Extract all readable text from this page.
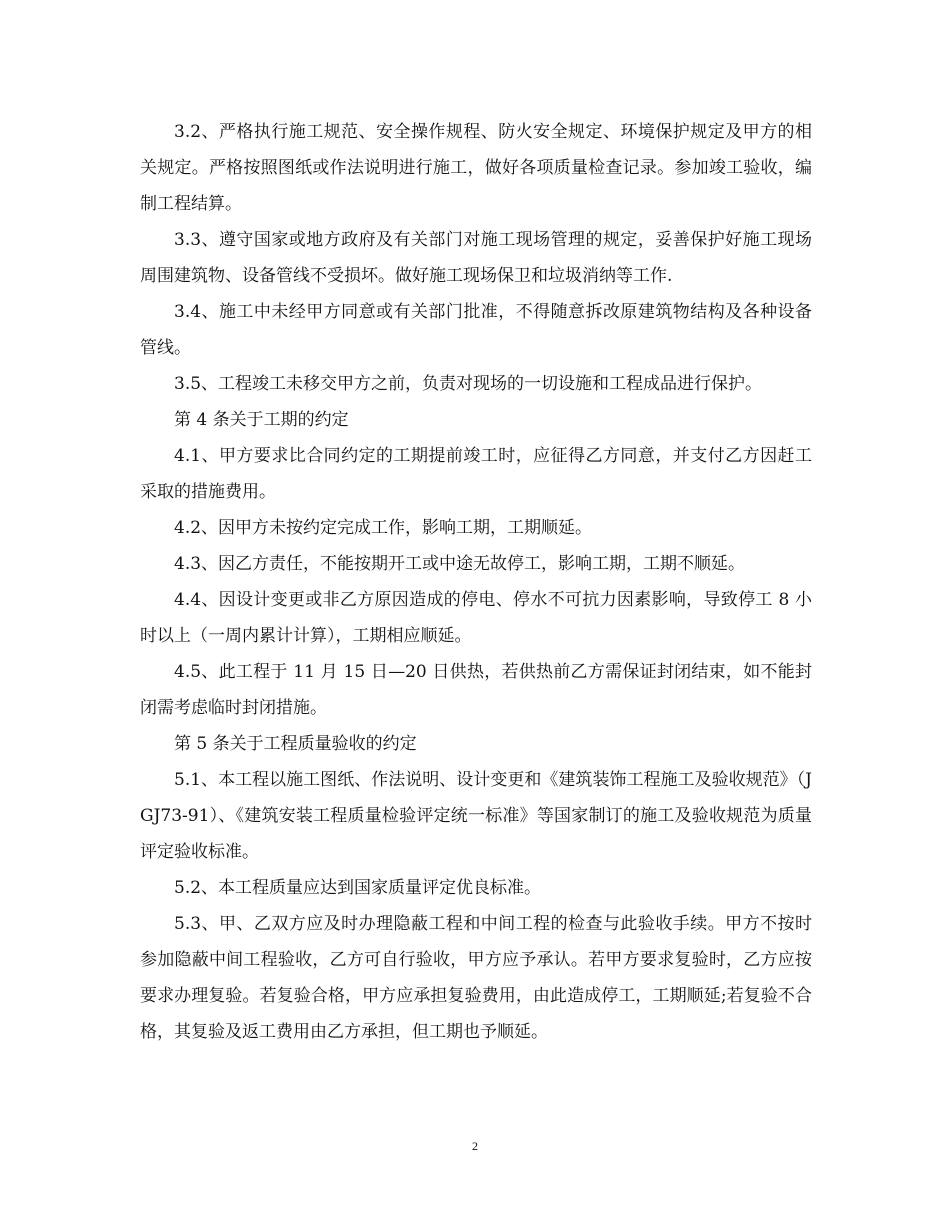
3.2、严格执行施工规范、安全操作规程、防火安全规定、环境保护规定及甲方的相关规定。严格按照图纸或作法说明进行施工，做好各项质量检查记录。参加竣工验收，编制工程结算。

3.3、遵守国家或地方政府及有关部门对施工现场管理的规定，妥善保护好施工现场周围建筑物、设备管线不受损坏。做好施工现场保卫和垃圾消纳等工作.

3.4、施工中未经甲方同意或有关部门批准，不得随意拆改原建筑物结构及各种设备管线。

3.5、工程竣工未移交甲方之前，负责对现场的一切设施和工程成品进行保护。

第 4 条关于工期的约定

4.1、甲方要求比合同约定的工期提前竣工时，应征得乙方同意，并支付乙方因赶工采取的措施费用。

4.2、因甲方未按约定完成工作，影响工期，工期顺延。

4.3、因乙方责任，不能按期开工或中途无故停工，影响工期，工期不顺延。

4.4、因设计变更或非乙方原因造成的停电、停水不可抗力因素影响，导致停工 8 小时以上（一周内累计计算），工期相应顺延。

4.5、此工程于 11 月 15 日—20 日供热，若供热前乙方需保证封闭结束，如不能封闭需考虑临时封闭措施。

第 5 条关于工程质量验收的约定

5.1、本工程以施工图纸、作法说明、设计变更和《建筑装饰工程施工及验收规范》（JGJ73-91）、《建筑安装工程质量检验评定统一标准》等国家制订的施工及验收规范为质量评定验收标准。

5.2、本工程质量应达到国家质量评定优良标准。

5.3、甲、乙双方应及时办理隐蔽工程和中间工程的检查与此验收手续。甲方不按时参加隐蔽中间工程验收，乙方可自行验收，甲方应予承认。若甲方要求复验时，乙方应按要求办理复验。若复验合格，甲方应承担复验费用，由此造成停工，工期顺延;若复验不合格，其复验及返工费用由乙方承担，但工期也予顺延。

2
